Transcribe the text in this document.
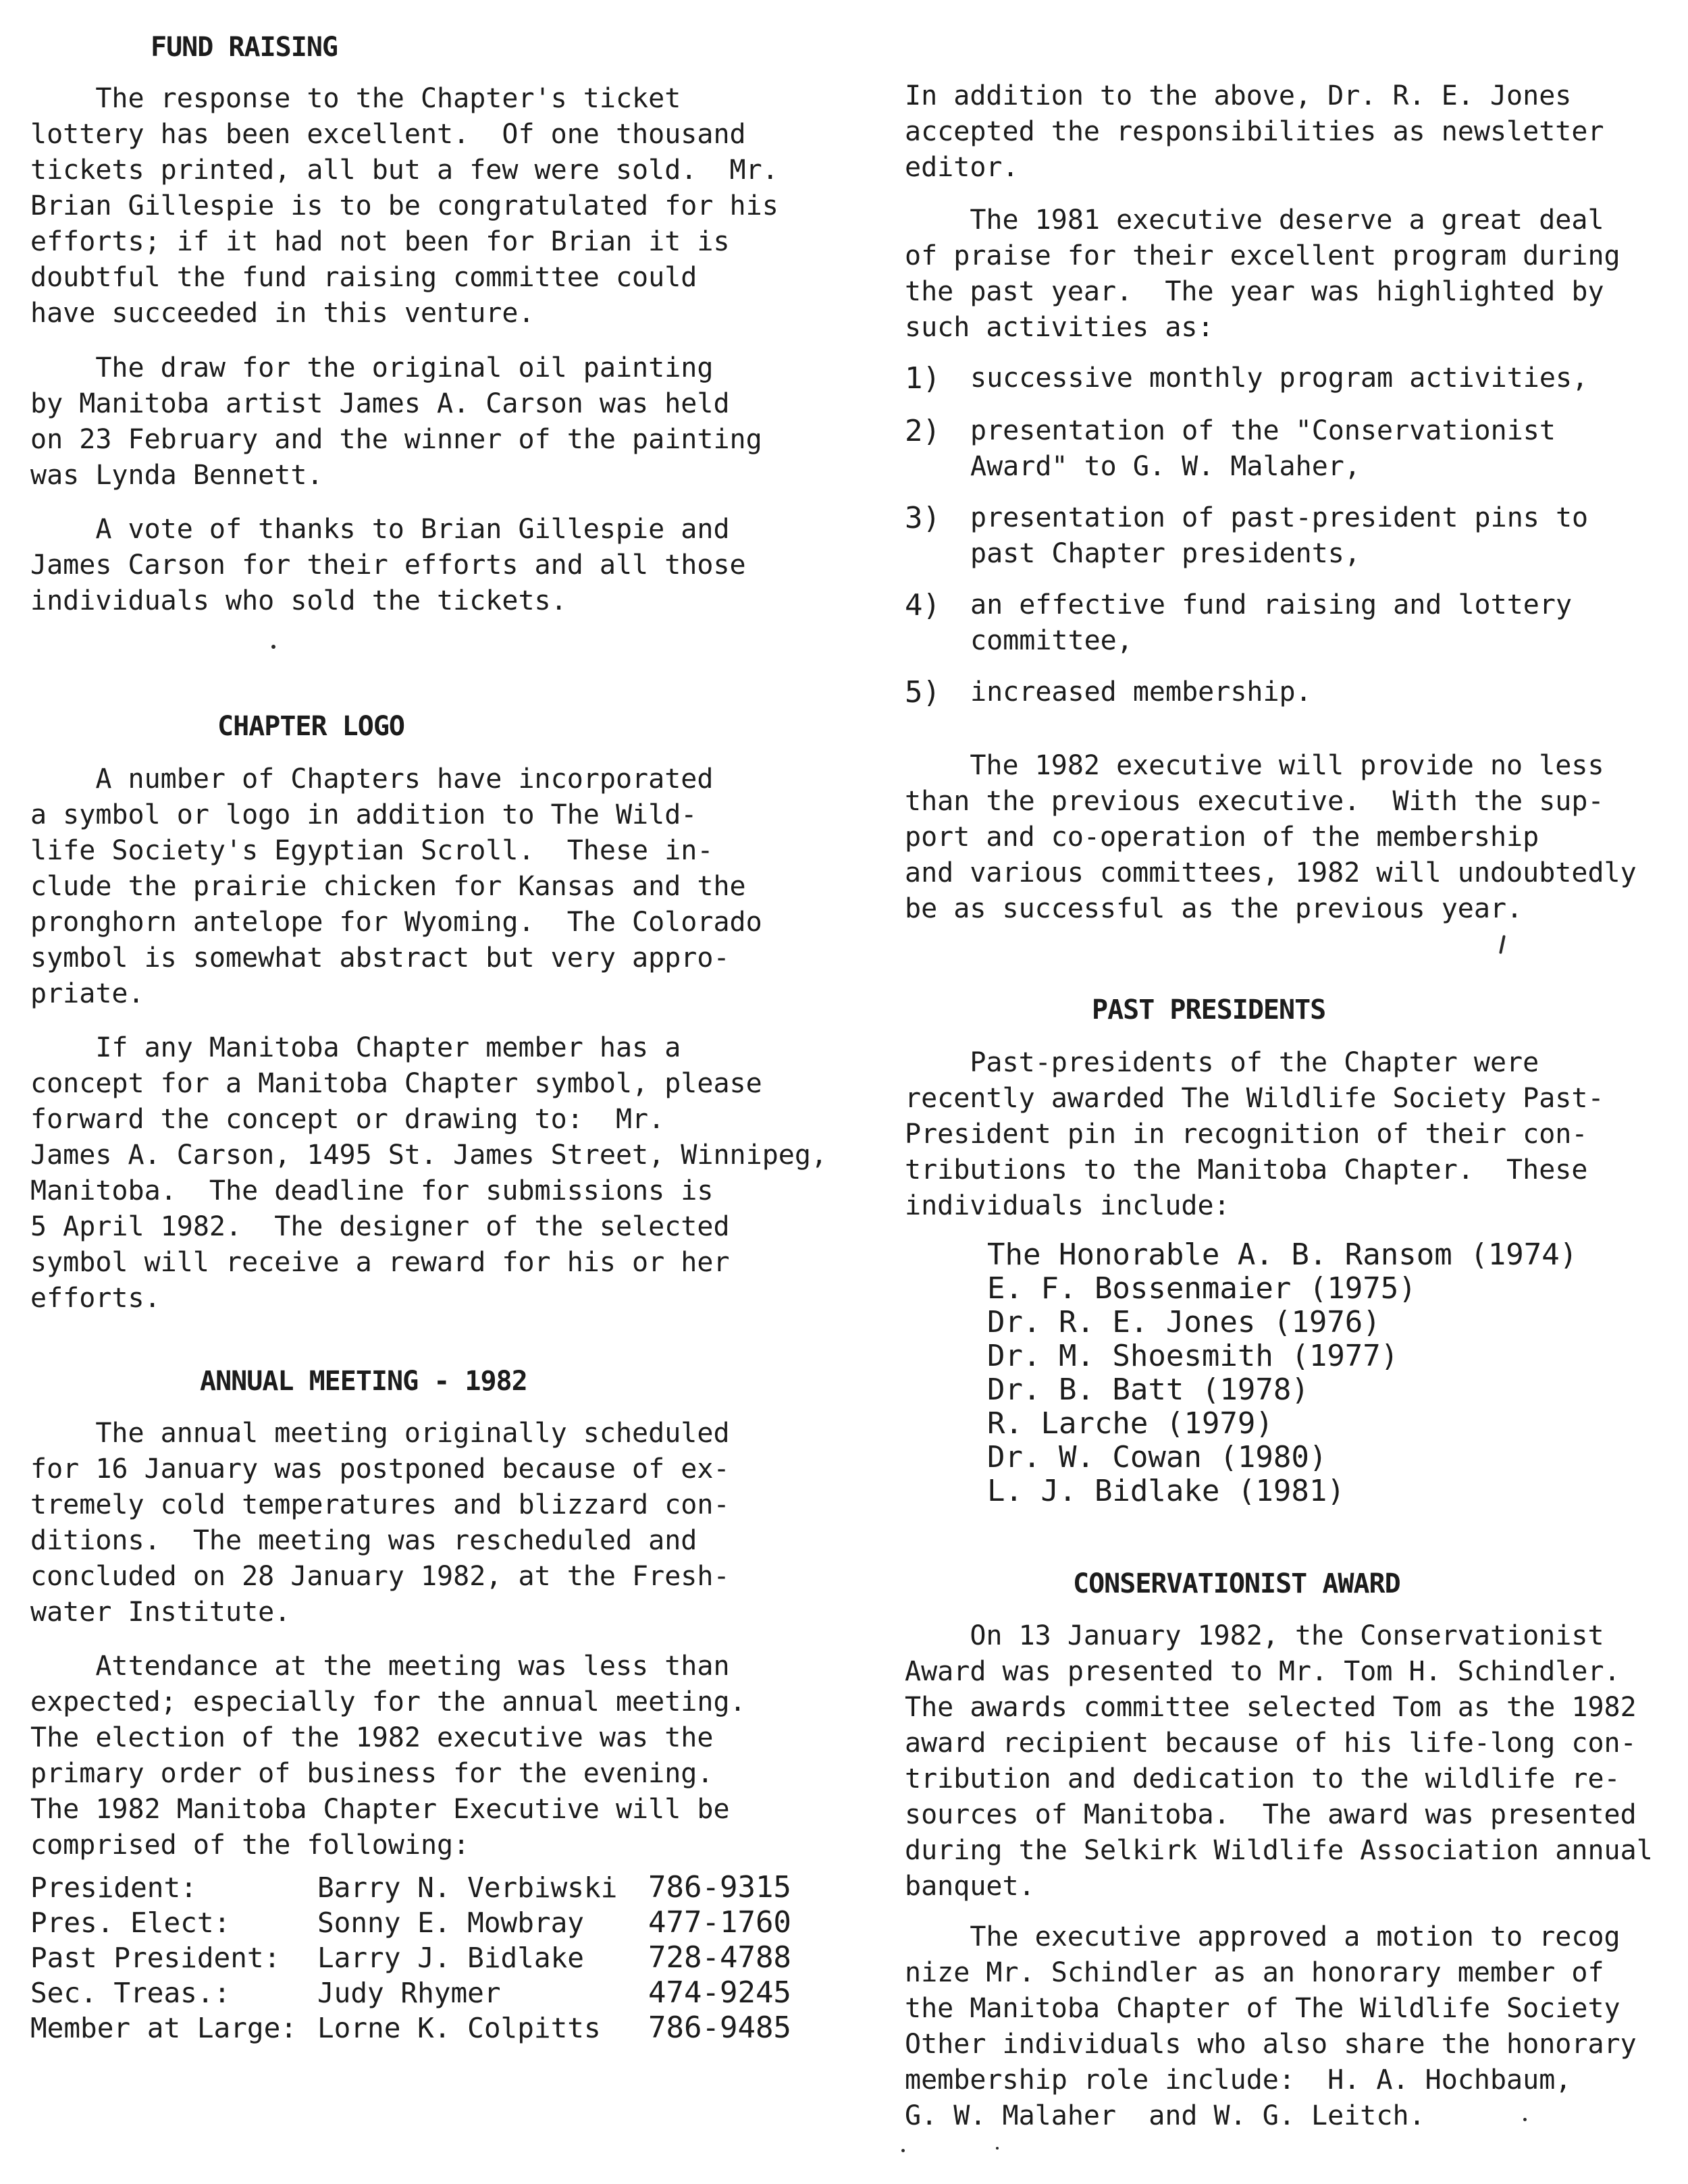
FUND RAISING

The response to the Chapter's ticket
lottery has been excellent.  Of one thousand
tickets printed, all but a few were sold.  Mr.
Brian Gillespie is to be congratulated for his
efforts; if it had not been for Brian it is
doubtful the fund raising committee could
have succeeded in this venture.

The draw for the original oil painting
by Manitoba artist James A. Carson was held
on 23 February and the winner of the painting
was Lynda Bennett.

A vote of thanks to Brian Gillespie and
James Carson for their efforts and all those
individuals who sold the tickets.

CHAPTER LOGO

A number of Chapters have incorporated
a symbol or logo in addition to The Wild-
life Society's Egyptian Scroll.  These in-
clude the prairie chicken for Kansas and the
pronghorn antelope for Wyoming.  The Colorado
symbol is somewhat abstract but very appro-
priate.

If any Manitoba Chapter member has a
concept for a Manitoba Chapter symbol, please
forward the concept or drawing to:  Mr.
James A. Carson, 1495 St. James Street, Winnipeg,
Manitoba.  The deadline for submissions is
5 April 1982.  The designer of the selected
symbol will receive a reward for his or her
efforts.

ANNUAL MEETING - 1982

The annual meeting originally scheduled
for 16 January was postponed because of ex-
tremely cold temperatures and blizzard con-
ditions.  The meeting was rescheduled and
concluded on 28 January 1982, at the Fresh-
water Institute.

Attendance at the meeting was less than
expected; especially for the annual meeting.
The election of the 1982 executive was the
primary order of business for the evening.
The 1982 Manitoba Chapter Executive will be
comprised of the following:

President:	Barry N. Verbiwski	786-9315
Pres. Elect:	Sonny E. Mowbray	477-1760
Past President:	Larry J. Bidlake	728-4788
Sec. Treas.:	Judy Rhymer	474-9245
Member at Large:	Lorne K. Colpitts	786-9485

In addition to the above, Dr. R. E. Jones
accepted the responsibilities as newsletter
editor.

The 1981 executive deserve a great deal
of praise for their excellent program during
the past year.  The year was highlighted by
such activities as:

1)	successive monthly program activities,
2)	presentation of the "Conservationist
Award" to G. W. Malaher,
3)	presentation of past-president pins to
past Chapter presidents,
4)	an effective fund raising and lottery
committee,
5)	increased membership.

The 1982 executive will provide no less
than the previous executive.  With the sup-
port and co-operation of the membership
and various committees, 1982 will undoubtedly
be as successful as the previous year.

PAST PRESIDENTS

Past-presidents of the Chapter were
recently awarded The Wildlife Society Past-
President pin in recognition of their con-
tributions to the Manitoba Chapter.  These
individuals include:

The Honorable A. B. Ransom (1974)
E. F. Bossenmaier (1975)
Dr. R. E. Jones (1976)
Dr. M. Shoesmith (1977)
Dr. B. Batt (1978)
R. Larche (1979)
Dr. W. Cowan (1980)
L. J. Bidlake (1981)
CONSERVATIONIST AWARD

On 13 January 1982, the Conservationist
Award was presented to Mr. Tom H. Schindler.
The awards committee selected Tom as the 1982
award recipient because of his life-long con-
tribution and dedication to the wildlife re-
sources of Manitoba.  The award was presented
during the Selkirk Wildlife Association annual
banquet.

The executive approved a motion to recog
nize Mr. Schindler as an honorary member of
the Manitoba Chapter of The Wildlife Society
Other individuals who also share the honorary
membership role include:  H. A. Hochbaum,
G. W. Malaher  and W. G. Leitch.
